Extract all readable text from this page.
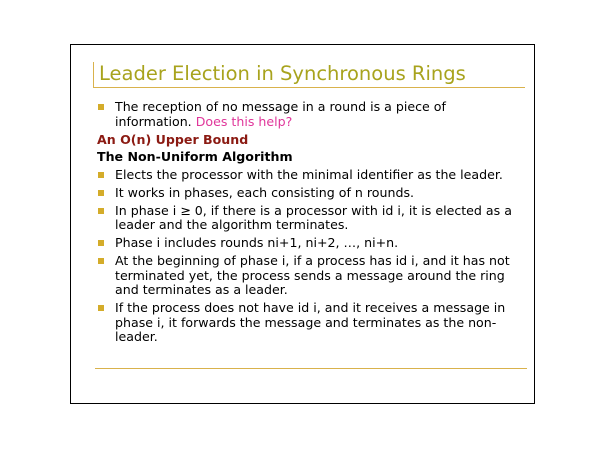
Leader Election in Synchronous Rings
The reception of no message in a round is a piece of information. Does this help?
An O(n) Upper Bound
The Non-Uniform Algorithm
Elects the processor with the minimal identifier as the leader.
It works in phases, each consisting of n rounds.
In phase i ≥ 0, if there is a processor with id i, it is elected as a leader and the algorithm terminates.
Phase i includes rounds ni+1, ni+2, …, ni+n.
At the beginning of phase i, if a process has id i, and it has not terminated yet, the process sends a message around the ring and terminates as a leader.
If the process does not have id i, and it receives a message in phase i, it forwards the message and terminates as the non-leader.
